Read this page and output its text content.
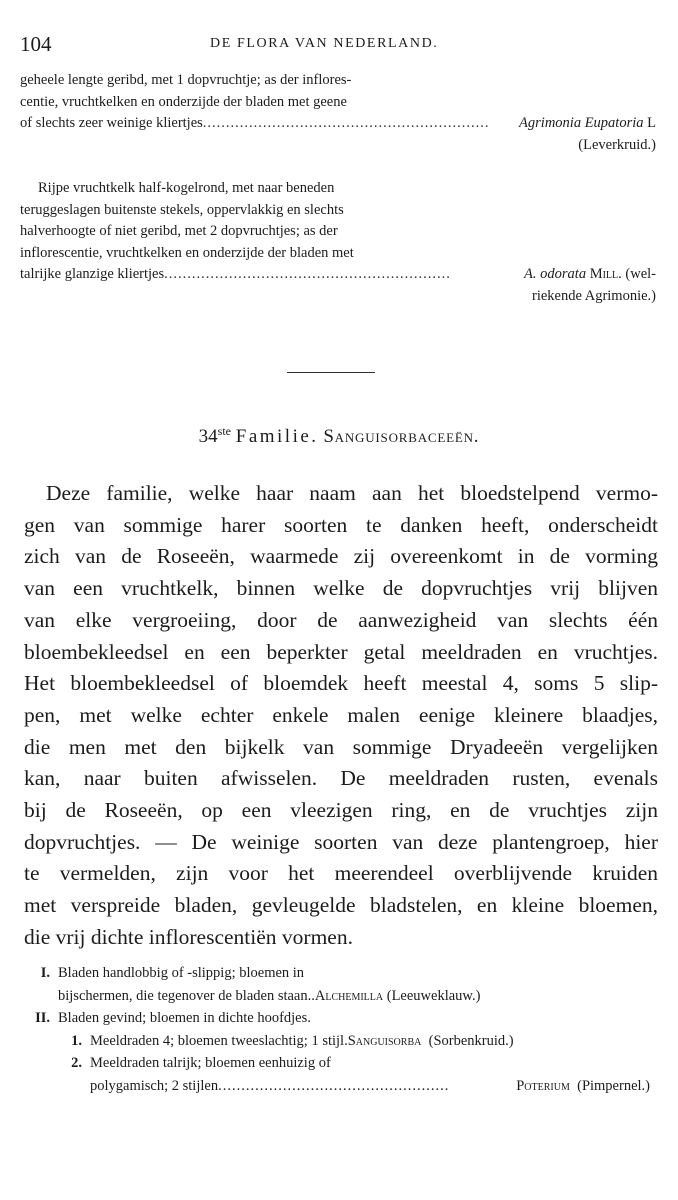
104	DE FLORA VAN NEDERLAND.

geheele lengte geribd, met 1 dopvruchtje; as der inflores-

centie, vruchtkelken en onderzijde der bladen met geene

of slechts zeer weinige kliertjes ..............................................................	Agrimonia Eupatoria L

(Leverkruid.)

Rijpe vruchtkelk half-kogelrond, met naar beneden

teruggeslagen buitenste stekels, oppervlakkig en slechts

halverhoogte of niet geribd, met 2 dopvruchtjes; as der

inflorescentie, vruchtkelken en onderzijde der bladen met

talrijke glanzige kliertjes ..............................................................	A. odorata Mill. (wel-

riekende Agrimonie.)

34ste Familie. Sanguisorbaceeën.
Deze familie, welke haar naam aan het bloedstelpend vermo-
gen van sommige harer soorten te danken heeft, onderscheidt
zich van de Roseeën, waarmede zij overeenkomt in de vorming
van een vruchtkelk, binnen welke de dopvruchtjes vrij blijven
van elke vergroeiing, door de aanwezigheid van slechts één
bloembekleedsel en een beperkter getal meeldraden en vruchtjes.
Het bloembekleedsel of bloemdek heeft meestal 4, soms 5 slip-
pen, met welke echter enkele malen eenige kleinere blaadjes,
die men met den bijkelk van sommige Dryadeeën vergelijken
kan, naar buiten afwisselen. De meeldraden rusten, evenals
bij de Roseeën, op een vleezigen ring, en de vruchtjes zijn
dopvruchtjes. — De weinige soorten van deze plantengroep, hier
te vermelden, zijn voor het meerendeel overblijvende kruiden
met verspreide bladen, gevleugelde bladstelen, en kleine bloemen,
die vrij dichte inflorescentiën vormen.
I. Bladen handlobbig of -slippig; bloemen in
bijschermen, die tegenover de bladen staan.. Alchemilla
(Leeuweklauw.)
II. Bladen gevind; bloemen in dichte hoofdjes.
1. Meeldraden 4; bloemen tweeslachtig; 1 stijl. Sanguisorba
(Sorbenkruid.)
2. Meeldraden talrijk; bloemen eenhuizig of
polygamisch; 2 stijlen ..................................................	Poterium
(Pimpernel.)
